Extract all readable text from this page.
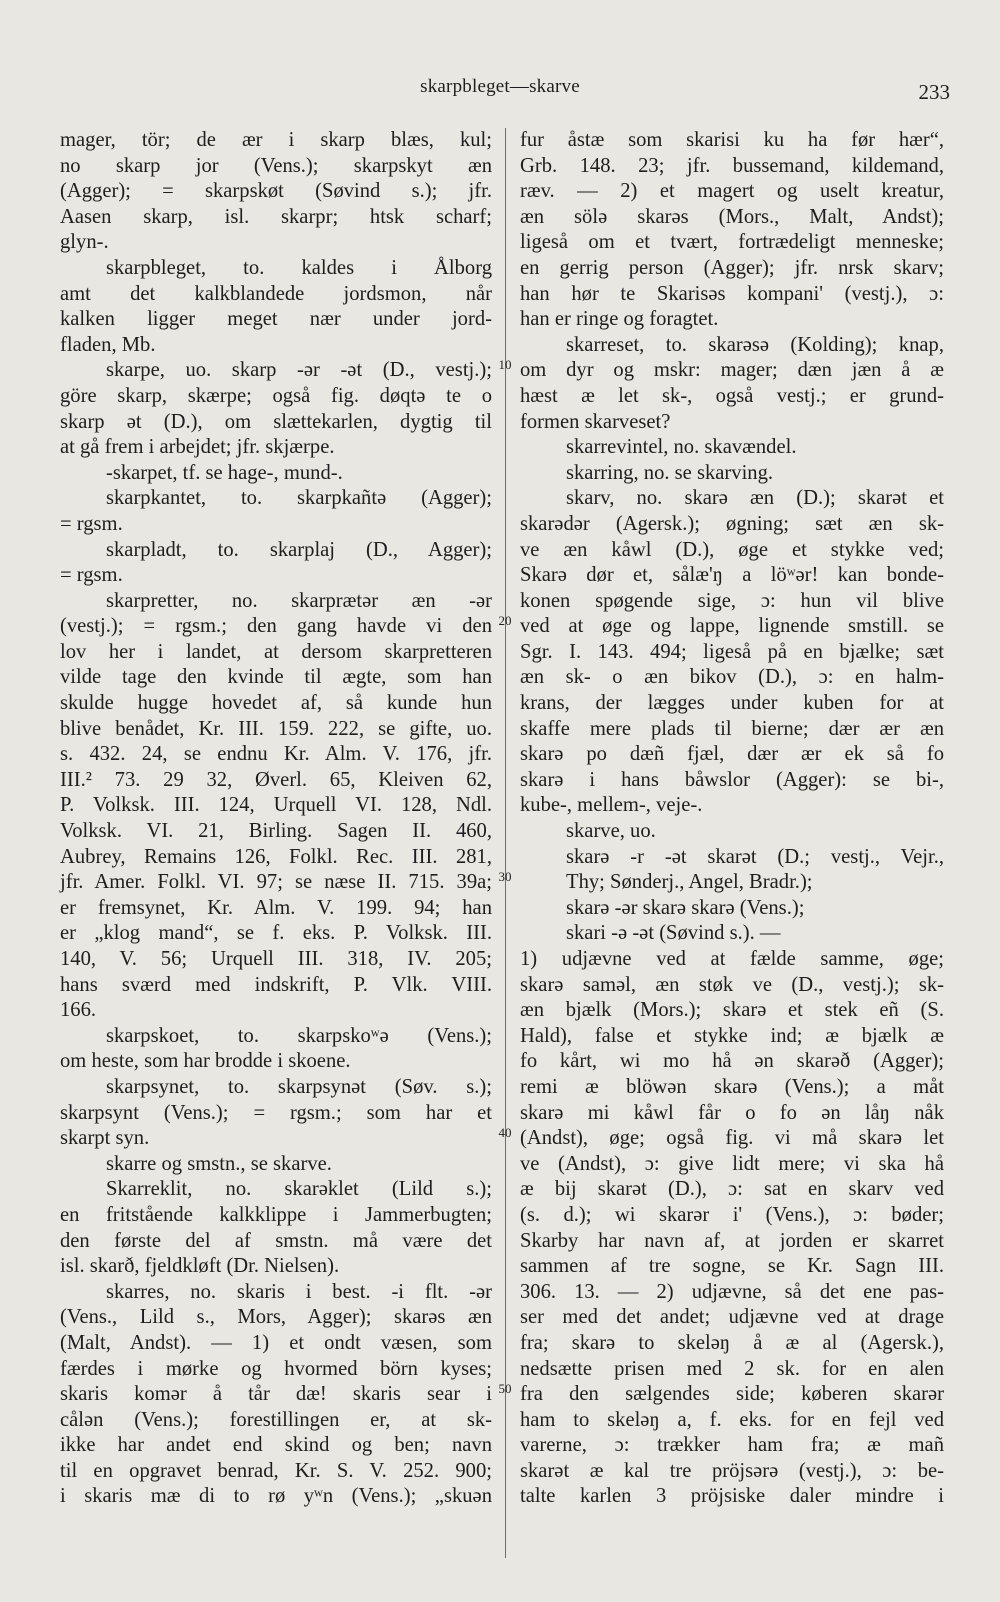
skarpbleget—skarve	233
mager, tör; de ær i skarp blæs, kul;
no skarp jor (Vens.); skarpskyt æn
(Agger); = skarpskøt (Søvind s.); jfr.
Aasen skarp, isl. skarpr; htsk scharf;
glyn-.
skarpbleget, to. kaldes i Ålborg
amt det kalkblandede jordsmon, når
kalken ligger meget nær under jord-
fladen, Mb.
skarpe, uo. skarp -ər -ət (D., vestj.);
göre skarp, skærpe; også fig. døqtə te o
skarp ət (D.), om slættekarlen, dygtig til
at gå frem i arbejdet; jfr. skjærpe.
-skarpet, tf. se hage-, mund-.
skarpkantet, to. skarpkañtə (Agger);
= rgsm.
skarpladt, to. skarplaj (D., Agger);
= rgsm.
skarpretter, no. skarprætər æn -ər
(vestj.); = rgsm.; den gang havde vi den
lov her i landet, at dersom skarpretteren
vilde tage den kvinde til ægte, som han
skulde hugge hovedet af, så kunde hun
blive benådet, Kr. III. 159. 222, se gifte, uo.
s. 432. 24, se endnu Kr. Alm. V. 176, jfr.
III.² 73. 29 32, Øverl. 65, Kleiven 62,
P. Volksk. III. 124, Urquell VI. 128, Ndl.
Volksk. VI. 21, Birling. Sagen II. 460,
Aubrey, Remains 126, Folkl. Rec. III. 281,
jfr. Amer. Folkl. VI. 97; se næse II. 715. 39a;
er fremsynet, Kr. Alm. V. 199. 94; han
er „klog mand“, se f. eks. P. Volksk. III.
140, V. 56; Urquell III. 318, IV. 205;
hans sværd med indskrift, P. Vlk. VIII.
166.
skarpskoet, to. skarpskoʷə (Vens.);
om heste, som har brodde i skoene.
skarpsynet, to. skarpsynət (Søv. s.);
skarpsynt (Vens.); = rgsm.; som har et
skarpt syn.
skarre og smstn., se skarve.
Skarreklit, no. skarəklet (Lild s.);
en fritstående kalkklippe i Jammerbugten;
den første del af smstn. må være det
isl. skarð, fjeldkløft (Dr. Nielsen).
skarres, no. skaris i best. -i flt. -ər
(Vens., Lild s., Mors, Agger); skarəs æn
(Malt, Andst). — 1) et ondt væsen, som
færdes i mørke og hvormed börn kyses;
skaris komər å tår dæ! skaris sear i
cålən (Vens.); forestillingen er, at sk-
ikke har andet end skind og ben; navn
til en opgravet benrad, Kr. S. V. 252. 900;
i skaris mæ di to rø yʷn (Vens.); „skuən
fur åstæ som skarisi ku ha før hær“,
Grb. 148. 23; jfr. bussemand, kildemand,
ræv. — 2) et magert og uselt kreatur,
æn sölə skarəs (Mors., Malt, Andst);
ligeså om et tvært, fortrædeligt menneske;
en gerrig person (Agger); jfr. nrsk skarv;
han hør te Skarisəs kompani' (vestj.), ɔ:
han er ringe og foragtet.
skarreset, to. skarəsə (Kolding); knap,
om dyr og mskr: mager; dæn jæn å æ
hæst æ let sk-, også vestj.; er grund-
formen skarveset?
skarrevintel, no. skavændel.
skarring, no. se skarving.
skarv, no. skarə æn (D.); skarət et
skarədər (Agersk.); øgning; sæt æn sk-
ve æn kåwl (D.), øge et stykke ved;
Skarə dør et, sålæ'ŋ a löʷər! kan bonde-
konen spøgende sige, ɔ: hun vil blive
ved at øge og lappe, lignende smstill. se
Sgr. I. 143. 494; ligeså på en bjælke; sæt
æn sk- o æn bikov (D.), ɔ: en halm-
krans, der lægges under kuben for at
skaffe mere plads til bierne; dær ær æn
skarə po dæñ fjæl, dær ær ek så fo
skarə i hans båwslor (Agger): se bi-,
kube-, mellem-, veje-.
skarve, uo.
skarə -r -ət skarət (D.; vestj., Vejr.,
Thy; Sønderj., Angel, Bradr.);
skarə -ər skarə skarə (Vens.);
skari -ə -ət (Søvind s.). —
1) udjævne ved at fælde samme, øge;
skarə saməl, æn støk ve (D., vestj.); sk-
æn bjælk (Mors.); skarə et stek eñ (S.
Hald), false et stykke ind; æ bjælk æ
fo kårt, wi mo hå ən skarəð (Agger);
remi æ blöwən skarə (Vens.); a måt
skarə mi kåwl får o fo ən låŋ nåk
(Andst), øge; også fig. vi må skarə let
ve (Andst), ɔ: give lidt mere; vi ska hå
æ bij skarət (D.), ɔ: sat en skarv ved
(s. d.); wi skarər i' (Vens.), ɔ: bøder;
Skarby har navn af, at jorden er skarret
sammen af tre sogne, se Kr. Sagn III.
306. 13. — 2) udjævne, så det ene pas-
ser med det andet; udjævne ved at drage
fra; skarə to skeləŋ å æ al (Agersk.),
nedsætte prisen med 2 sk. for en alen
fra den sælgendes side; køberen skarər
ham to skeləŋ a, f. eks. for en fejl ved
varerne, ɔ: trækker ham fra; æ mañ
skarət æ kal tre pröjsərə (vestj.), ɔ: be-
talte karlen 3 pröjsiske daler mindre i
10
20
30
40
50
